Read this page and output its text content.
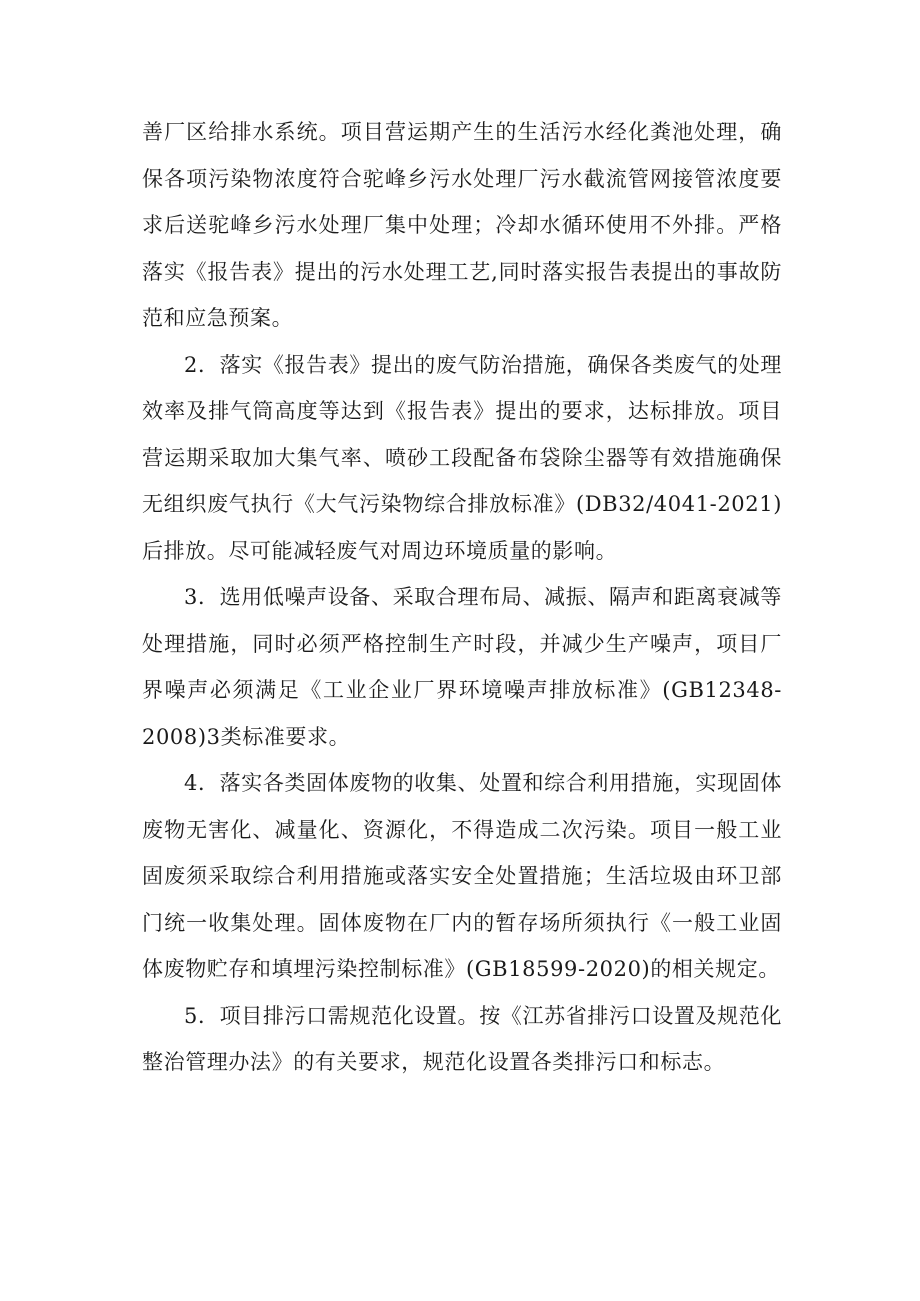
善厂区给排水系统。项目营运期产生的生活污水经化粪池处理，确保各项污染物浓度符合驼峰乡污水处理厂污水截流管网接管浓度要求后送驼峰乡污水处理厂集中处理；冷却水循环使用不外排。严格落实《报告表》提出的污水处理工艺,同时落实报告表提出的事故防范和应急预案。

2．落实《报告表》提出的废气防治措施，确保各类废气的处理效率及排气筒高度等达到《报告表》提出的要求，达标排放。项目营运期采取加大集气率、喷砂工段配备布袋除尘器等有效措施确保无组织废气执行《大气污染物综合排放标准》(DB32/4041-2021)后排放。尽可能减轻废气对周边环境质量的影响。

3．选用低噪声设备、采取合理布局、减振、隔声和距离衰减等处理措施，同时必须严格控制生产时段，并减少生产噪声，项目厂界噪声必须满足《工业企业厂界环境噪声排放标准》(GB12348-2008)3类标准要求。

4．落实各类固体废物的收集、处置和综合利用措施，实现固体废物无害化、减量化、资源化，不得造成二次污染。项目一般工业固废须采取综合利用措施或落实安全处置措施；生活垃圾由环卫部门统一收集处理。固体废物在厂内的暂存场所须执行《一般工业固体废物贮存和填埋污染控制标准》(GB18599-2020)的相关规定。

5．项目排污口需规范化设置。按《江苏省排污口设置及规范化整治管理办法》的有关要求，规范化设置各类排污口和标志。
